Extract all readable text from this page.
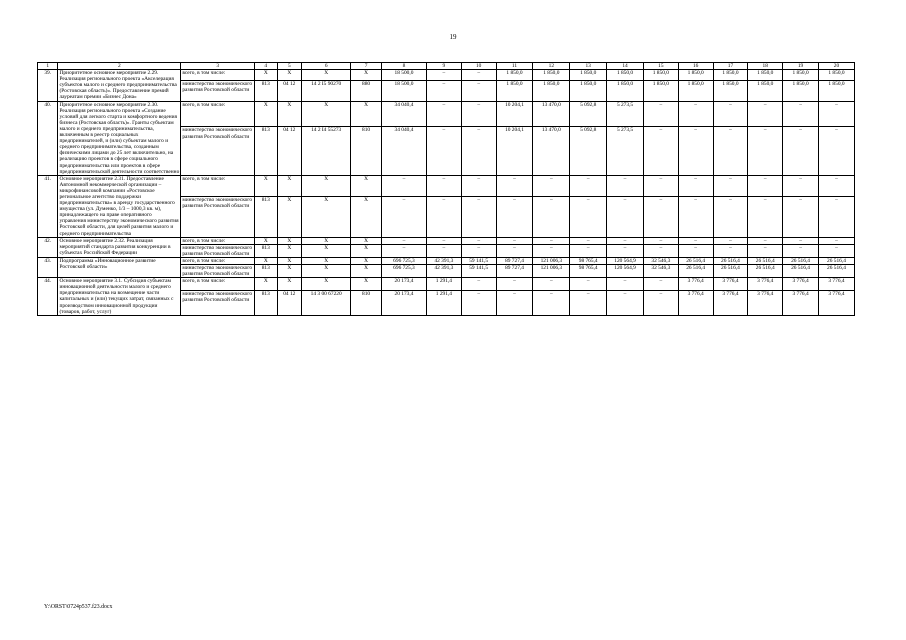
19
1	2	3	4	5	6	7	8	9	10	11	12	13	14	15	16	17	18	19	20
39.	Приоритетное основное мероприятие 2.29. Реализация регионального проекта «Акселерация субъектов малого и среднего предпринимательства (Ростовская область)». Предоставление премий лауреатам премии «Бизнес Дона»	всего, в том числе:	Х	Х	Х	Х	18 500,0	–	–	1 850,0	1 850,0	1 850,0	1 850,0	1 850,0	1 850,0	1 850,0	1 850,0	1 850,0	1 850,0
		министерство экономического развития Ростовской области	813	04 12	14 2 I5 90270	880	18 500,0	–	–	1 850,0	1 850,0	1 850,0	1 850,0	1 850,0	1 850,0	1 850,0	1 850,0	1 850,0	1 850,0
40.	Приоритетное основное мероприятие 2.30. Реализация регионального проекта «Создание условий для легкого старта и комфортного ведения бизнеса (Ростовская область)». Гранты субъектам малого и среднего предпринимательства, включенным в реестр социальных предпринимателей, и (или) субъектам малого и среднего предпринимательства, созданным физическими лицами до 25 лет включительно, на реализацию проектов в сфере социального предпринимательства или проектов в сфере предпринимательской деятельности соответственно	всего, в том числе:	Х	Х	Х	Х	34 040,4	–	–	10 204,1	13 470,0	5 092,8	5 273,5	–	–	–	–	–	–
		министерство экономического развития Ростовской области	813	04 12	14 2 I4 55273	810	34 040,4	–	–	10 204,1	13 470,0	5 092,8	5 273,5	–	–	–	–	–	–
41.	Основное мероприятие 2.31. Предоставление Автономной некоммерческой организации – микрофинансовой компании «Ростовское региональное агентство поддержки предпринимательства» в аренду государственного имущества (ул. Думенко, 1/3 – 1000,3 кв. м), принадлежащего на праве оперативного управления министерству экономического развития Ростовской области, для целей развития малого и среднего предпринимательства	всего, в том числе:	Х	Х	Х	Х	–	–	–	–	–	–	–	–	–	–	–	–	–
		министерство экономического развития Ростовской области	813	Х	Х	Х	–	–	–	–	–	–	–	–	–	–	–	–	–
42.	Основное мероприятие 2.32. Реализация мероприятий стандарта развития конкуренции в субъектах Российской Федерации	всего, в том числе:	Х	Х	Х	Х	–	–	–	–	–	–	–	–	–	–	–	–	–
		министерство экономического развития Ростовской области	813	Х	Х	Х	–	–	–	–	–	–	–	–	–	–	–	–	–
43.	Подпрограмма «Инновационное развитие Ростовской области»	всего, в том числе:	Х	Х	Х	Х	696 725,3	42 391,3	59 141,5	89 727,4	121 006,3	98 765,4	120 564,9	32 546,3	26 516,4	26 516,4	26 516,4	26 516,4	26 516,4
		министерство экономического развития Ростовской области	813	Х	Х	Х	696 725,3	42 391,3	59 141,5	89 727,4	121 006,3	98 765,4	120 564,9	32 546,3	26 516,4	26 516,4	26 516,4	26 516,4	26 516,4
44.	Основное мероприятие 3.1. Субсидия субъектам инновационной деятельности малого и среднего предпринимательства на возмещение части капитальных и (или) текущих затрат, связанных с производством инновационной продукции (товаров, работ, услуг)	всего, в том числе:	Х	Х	Х	Х	20 173,4	1 291,4	–	–	–	–	–	–	3 776,4	3 776,4	3 776,4	3 776,4	3 776,4
		министерство экономического развития Ростовской области	813	04 12	14 3 00 67220	810	20 173,4	1 291,4	–	–	–	–	–	–	3 776,4	3 776,4	3 776,4	3 776,4	3 776,4
Y:\ORST\0724p537.f23.docx
